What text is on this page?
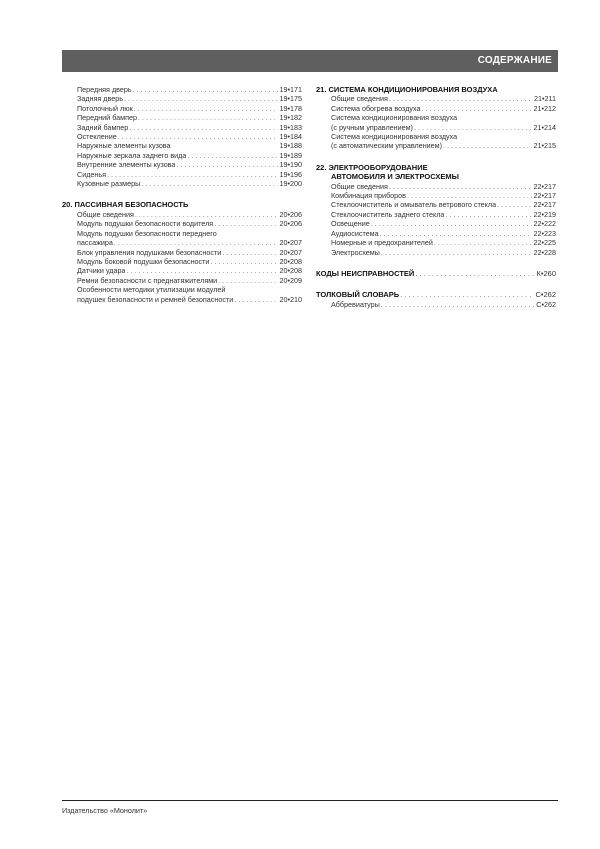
СОДЕРЖАНИЕ
Передняя дверь . . .	19•171
Задняя дверь . . .	19•175
Потолочный люк . . .	19•178
Передний бампер . . .	19•182
Задний бампер . . .	19•183
Остекление . . .	19•184
Наружные элементы кузова	19•188
Наружные зеркала заднего вида . . .	19•189
Внутренние элементы кузова . . .	19•190
Сиденья . . .	19•196
Кузовные размеры . . .	19•200
20. ПАССИВНАЯ БЕЗОПАСНОСТЬ
Общие сведения . . .	20•206
Модуль подушки безопасности водителя . . .	20•206
Модуль подушки безопасности переднего
пассажира . . .	20•207
Блок управления подушками безопасности . . .	20•207
Модуль боковой подушки безопасности . . .	20•208
Датчики удара . . .	20•208
Ремни безопасности с преднатяжителями . . .	20•209
Особенности методики утилизации модулей
подушек безопасности и ремней безопасности . . .	20•210
21. СИСТЕМА КОНДИЦИОНИРОВАНИЯ ВОЗДУХА
Общие сведения . . .	21•211
Система обогрева воздуха . . .	21•212
Система кондиционирования воздуха
(с ручным управлением) . . .	21•214
Система кондиционирования воздуха
(с автоматическим управлением) . . .	21•215
22. ЭЛЕКТРООБОРУДОВАНИЕ
АВТОМОБИЛЯ И ЭЛЕКТРОСХЕМЫ
Общие сведения . . .	22•217
Комбинация приборов . . .	22•217
Стеклоочиститель и омыватель ветрового стекла . . .	22•217
Стеклоочиститель заднего стекла . . .	22•219
Освещение . . .	22•222
Аудиосистема . . .	22•223
Номерные и предохранителей . . .	22•225
Электросхемы . . .	22•228
КОДЫ НЕИСПРАВНОСТЕЙ . . .	К•260
ТОЛКОВЫЙ СЛОВАРЬ . . .	С•262
Аббревиатуры . . .	С•262
Издательство «Монолит»
